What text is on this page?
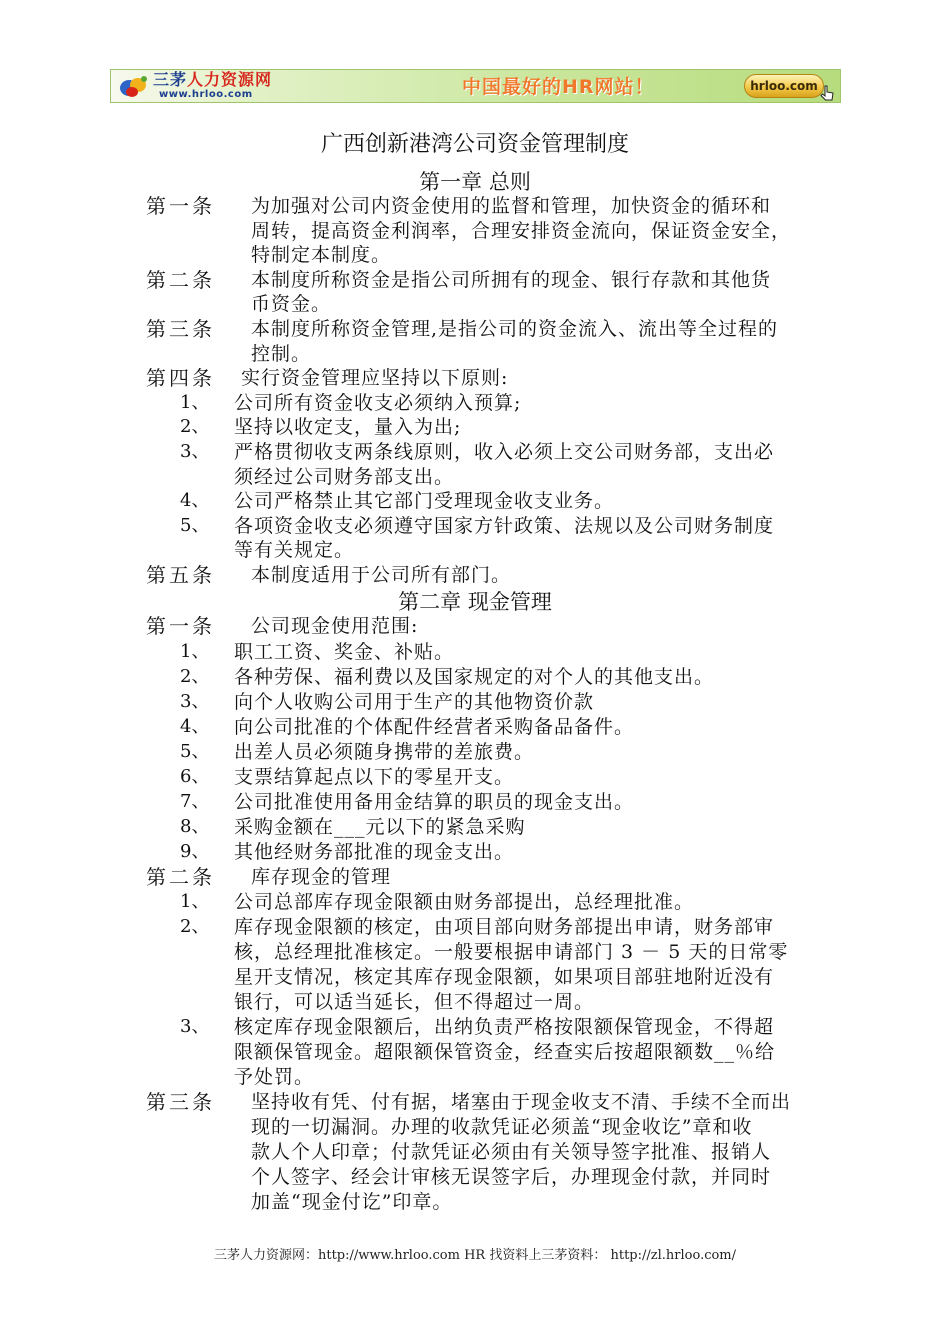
三茅人力资源网
www.hrloo.com	中国最好的HR网站！	hrloo.com
广西创新港湾公司资金管理制度
第一章 总则
第一条 为加强对公司内资金使用的监督和管理，加快资金的循环和
周转，提高资金利润率，合理安排资金流向，保证资金安全，
特制定本制度。
第二条 本制度所称资金是指公司所拥有的现金、银行存款和其他货
币资金。
第三条 本制度所称资金管理,是指公司的资金流入、流出等全过程的
控制。
第四条 实行资金管理应坚持以下原则:
1、 公司所有资金收支必须纳入预算;
2、 坚持以收定支，量入为出;
3、 严格贯彻收支两条线原则，收入必须上交公司财务部，支出必
须经过公司财务部支出。
4、 公司严格禁止其它部门受理现金收支业务。
5、 各项资金收支必须遵守国家方针政策、法规以及公司财务制度
等有关规定。
第五条 本制度适用于公司所有部门。
第二章 现金管理
第一条 公司现金使用范围:
1、 职工工资、奖金、补贴。
2、 各种劳保、福利费以及国家规定的对个人的其他支出。
3、 向个人收购公司用于生产的其他物资价款
4、 向公司批准的个体配件经营者采购备品备件。
5、 出差人员必须随身携带的差旅费。
6、 支票结算起点以下的零星开支。
7、 公司批准使用备用金结算的职员的现金支出。
8、 采购金额在___元以下的紧急采购
9、 其他经财务部批准的现金支出。
第二条 库存现金的管理
1、 公司总部库存现金限额由财务部提出，总经理批准。
2、 库存现金限额的核定，由项目部向财务部提出申请，财务部审
核，总经理批准核定。一般要根据申请部门 3 － 5 天的日常零
星开支情况，核定其库存现金限额，如果项目部驻地附近没有
银行，可以适当延长，但不得超过一周。
3、 核定库存现金限额后，出纳负责严格按限额保管现金，不得超
限额保管现金。超限额保管资金，经查实后按超限额数__％给
予处罚。
第三条 坚持收有凭、付有据，堵塞由于现金收支不清、手续不全而出
现的一切漏洞。办理的收款凭证必须盖“现金收讫”章和收
款人个人印章；付款凭证必须由有关领导签字批准、报销人
个人签字、经会计审核无误签字后，办理现金付款，并同时
加盖“现金付讫”印章。
三茅人力资源网：http://www.hrloo.com HR 找资料上三茅资料： http://zl.hrloo.com/
